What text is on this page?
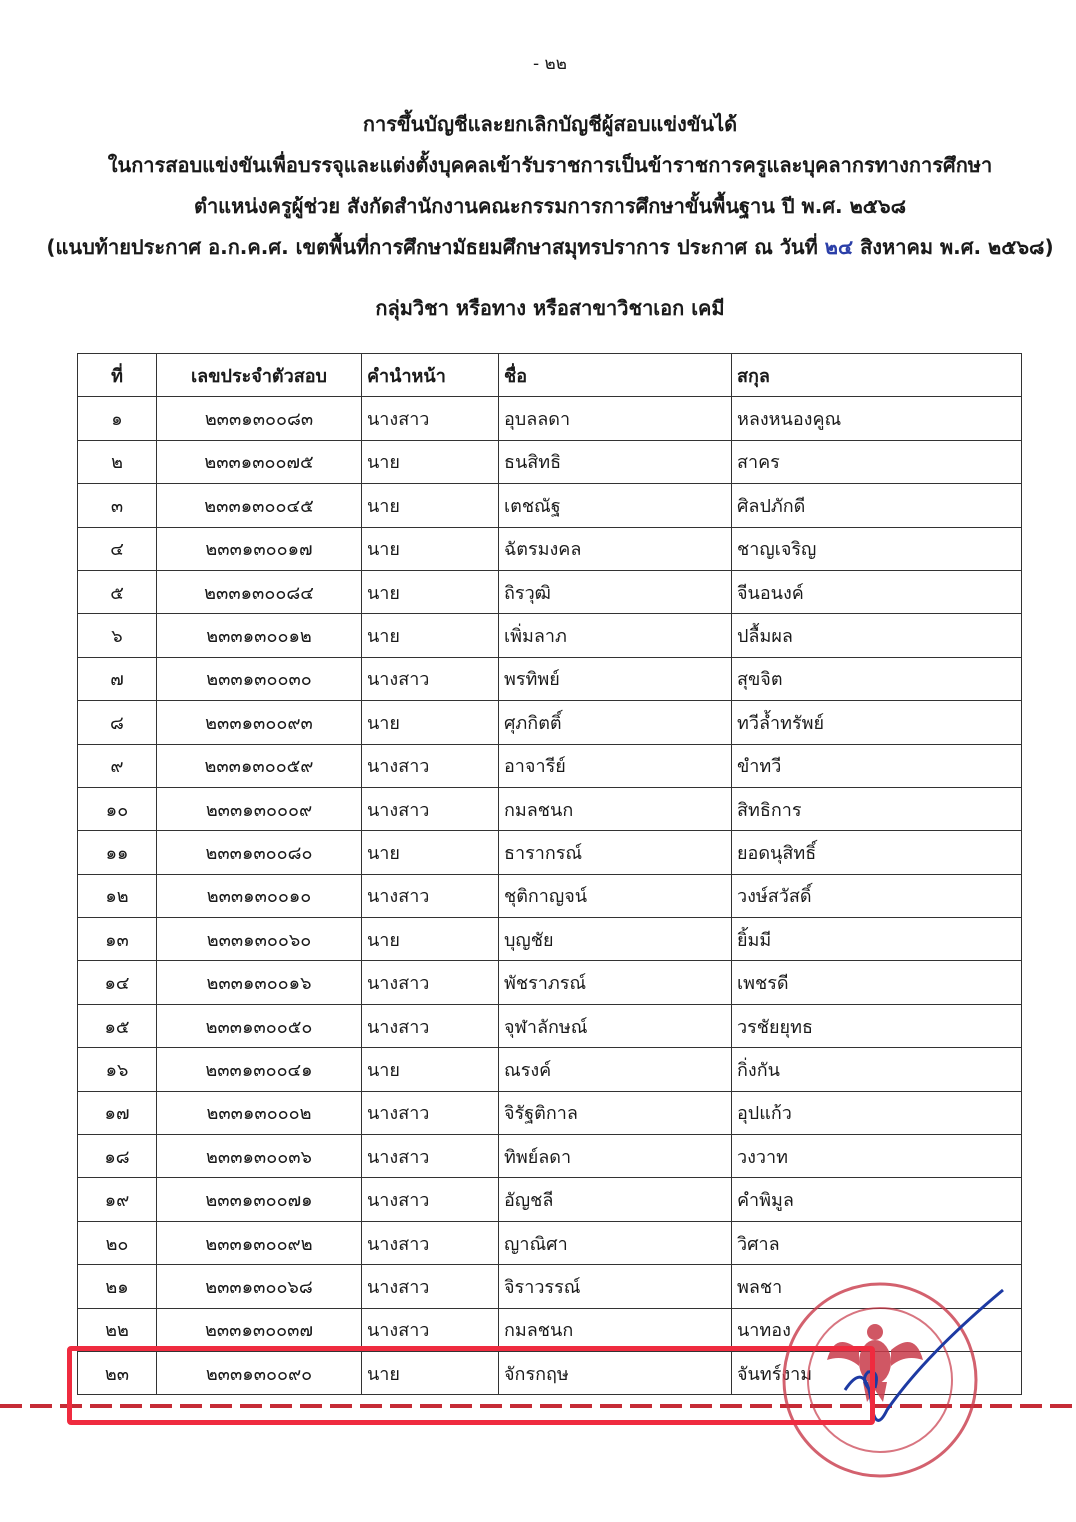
- ๒๒
การขึ้นบัญชีและยกเลิกบัญชีผู้สอบแข่งขันได้
ในการสอบแข่งขันเพื่อบรรจุและแต่งตั้งบุคคลเข้ารับราชการเป็นข้าราชการครูและบุคลากรทางการศึกษา
ตำแหน่งครูผู้ช่วย สังกัดสำนักงานคณะกรรมการการศึกษาขั้นพื้นฐาน ปี พ.ศ. ๒๕๖๘
(แนบท้ายประกาศ อ.ก.ค.ศ. เขตพื้นที่การศึกษามัธยมศึกษาสมุทรปราการ ประกาศ ณ วันที่ ๒๔ สิงหาคม พ.ศ. ๒๕๖๘)
กลุ่มวิชา หรือทาง หรือสาขาวิชาเอก เคมี
ที่	เลขประจำตัวสอบ	คำนำหน้า	ชื่อ	สกุล
๑	๒๓๓๑๓๐๐๘๓	นางสาว	อุบลลดา	หลงหนองคูณ
๒	๒๓๓๑๓๐๐๗๕	นาย	ธนสิทธิ	สาคร
๓	๒๓๓๑๓๐๐๔๕	นาย	เตชณัฐ	ศิลปภักดี
๔	๒๓๓๑๓๐๐๑๗	นาย	ฉัตรมงคล	ชาญเจริญ
๕	๒๓๓๑๓๐๐๘๔	นาย	ถิรวุฒิ	จีนอนงค์
๖	๒๓๓๑๓๐๐๑๒	นาย	เพิ่มลาภ	ปลื้มผล
๗	๒๓๓๑๓๐๐๓๐	นางสาว	พรทิพย์	สุขจิต
๘	๒๓๓๑๓๐๐๙๓	นาย	ศุภกิตติ์	ทวีล้ำทรัพย์
๙	๒๓๓๑๓๐๐๕๙	นางสาว	อาจารีย์	ขำทวี
๑๐	๒๓๓๑๓๐๐๐๙	นางสาว	กมลชนก	สิทธิการ
๑๑	๒๓๓๑๓๐๐๘๐	นาย	ธารากรณ์	ยอดนุสิทธิ์
๑๒	๒๓๓๑๓๐๐๑๐	นางสาว	ชุติกาญจน์	วงษ์สวัสดิ์
๑๓	๒๓๓๑๓๐๐๖๐	นาย	บุญชัย	ยิ้มมี
๑๔	๒๓๓๑๓๐๐๑๖	นางสาว	พัชราภรณ์	เพชรดี
๑๕	๒๓๓๑๓๐๐๕๐	นางสาว	จุฬาลักษณ์	วรชัยยุทธ
๑๖	๒๓๓๑๓๐๐๔๑	นาย	ณรงค์	กิ่งกัน
๑๗	๒๓๓๑๓๐๐๐๒	นางสาว	จิรัฐติกาล	อุปแก้ว
๑๘	๒๓๓๑๓๐๐๓๖	นางสาว	ทิพย์ลดา	วงวาท
๑๙	๒๓๓๑๓๐๐๗๑	นางสาว	อัญชลี	คำพิมูล
๒๐	๒๓๓๑๓๐๐๙๒	นางสาว	ญาณิศา	วิศาล
๒๑	๒๓๓๑๓๐๐๖๘	นางสาว	จิราวรรณ์	พลชา
๒๒	๒๓๓๑๓๐๐๓๗	นางสาว	กมลชนก	นาทอง
๒๓	๒๓๓๑๓๐๐๙๐	นาย	จักรกฤษ	จันทร์งาม
